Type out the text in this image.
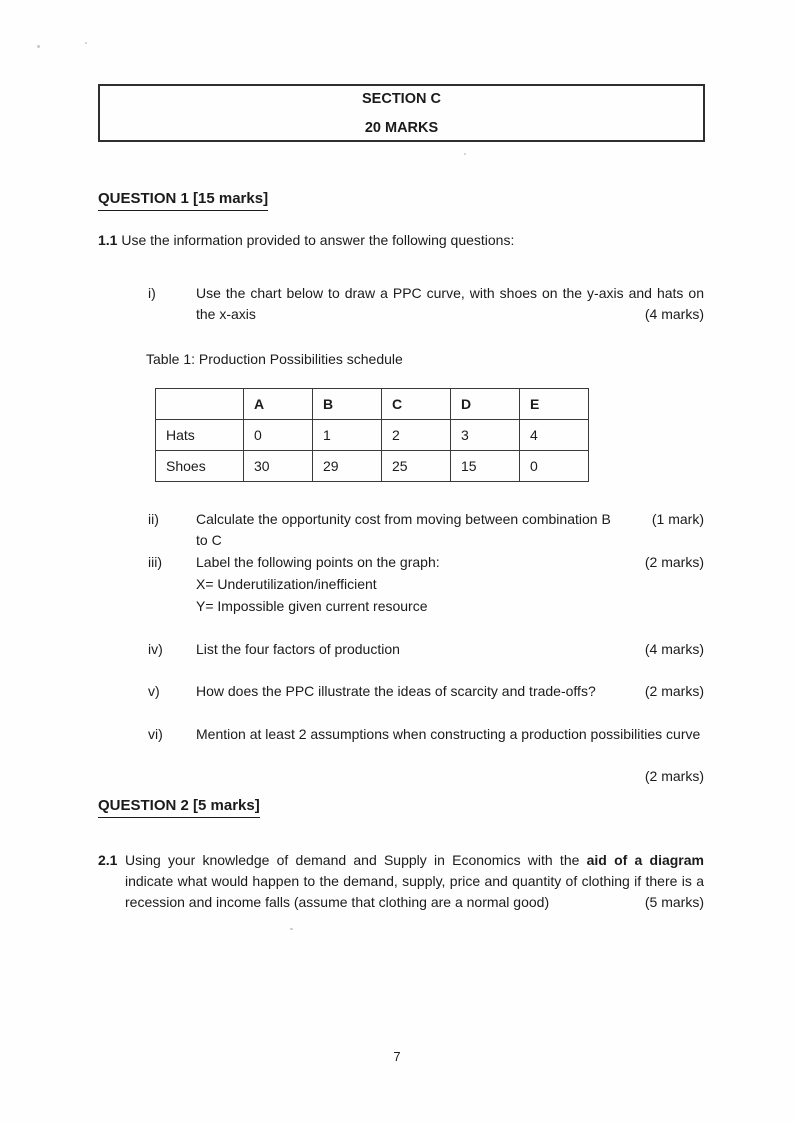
SECTION C
20 MARKS
QUESTION 1 [15 marks]
1.1 Use the information provided to answer the following questions:
i)	Use the chart below to draw a PPC curve, with shoes on the y-axis and hats on the x-axis	(4 marks)
Table 1: Production Possibilities schedule
	A	B	C	D	E
Hats	0	1	2	3	4
Shoes	30	29	25	15	0
ii)	Calculate the opportunity cost from moving between combination B to C
(1 mark)
iii)	Label the following points on the graph:	(2 marks)
X= Underutilization/inefficient
Y= Impossible given current resource
iv)	List the four factors of production	(4 marks)
v)	How does the PPC illustrate the ideas of scarcity and trade-offs?	(2 marks)
vi)	Mention at least 2 assumptions when constructing a production possibilities curve
(2 marks)
QUESTION 2 [5 marks]
2.1 Using your knowledge of demand and Supply in Economics with the aid of a diagram indicate what would happen to the demand, supply, price and quantity of clothing if there is a recession and income falls (assume that clothing are a normal good)	(5 marks)
7
